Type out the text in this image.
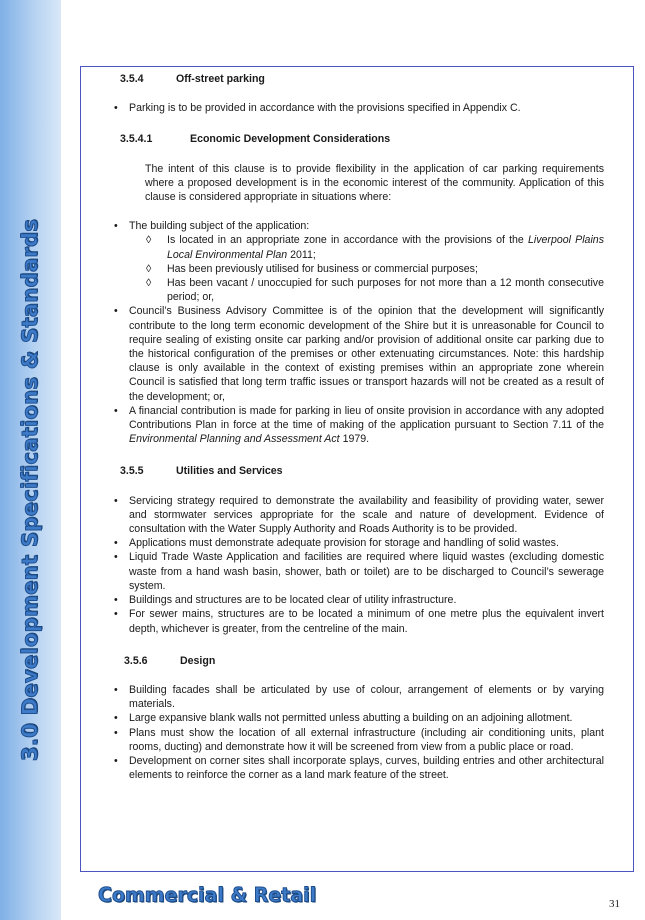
3.0 Development Specifications & Standards
3.5.4	Off-street parking
• Parking is to be provided in accordance with the provisions specified in Appendix C.
3.5.4.1	Economic Development Considerations

The intent of this clause is to provide flexibility in the application of car parking requirements where a proposed development is in the economic interest of the community. Application of this clause is considered appropriate in situations where:

• The building subject of the application:
◊ Is located in an appropriate zone in accordance with the provisions of the Liverpool Plains Local Environmental Plan 2011;
◊ Has been previously utilised for business or commercial purposes;
◊ Has been vacant / unoccupied for such purposes for not more than a 12 month consecutive period; or,
• Council’s Business Advisory Committee is of the opinion that the development will significantly contribute to the long term economic development of the Shire but it is unreasonable for Council to require sealing of existing onsite car parking and/or provision of additional onsite car parking due to the historical configuration of the premises or other extenuating circumstances. Note: this hardship clause is only available in the context of existing premises within an appropriate zone wherein Council is satisfied that long term traffic issues or transport hazards will not be created as a result of the development; or,
• A financial contribution is made for parking in lieu of onsite provision in accordance with any adopted Contributions Plan in force at the time of making of the application pursuant to Section 7.11 of the Environmental Planning and Assessment Act 1979.
3.5.5	Utilities and Services
• Servicing strategy required to demonstrate the availability and feasibility of providing water, sewer and stormwater services appropriate for the scale and nature of development. Evidence of consultation with the Water Supply Authority and Roads Authority is to be provided.
• Applications must demonstrate adequate provision for storage and handling of solid wastes.
• Liquid Trade Waste Application and facilities are required where liquid wastes (excluding domestic waste from a hand wash basin, shower, bath or toilet) are to be discharged to Council’s sewerage system.
• Buildings and structures are to be located clear of utility infrastructure.
• For sewer mains, structures are to be located a minimum of one metre plus the equivalent invert depth, whichever is greater, from the centreline of the main.
3.5.6	Design
• Building facades shall be articulated by use of colour, arrangement of elements or by varying materials.
• Large expansive blank walls not permitted unless abutting a building on an adjoining allotment.
• Plans must show the location of all external infrastructure (including air conditioning units, plant rooms, ducting) and demonstrate how it will be screened from view from a public place or road.
• Development on corner sites shall incorporate splays, curves, building entries and other architectural elements to reinforce the corner as a land mark feature of the street.
Commercial & Retail	31
